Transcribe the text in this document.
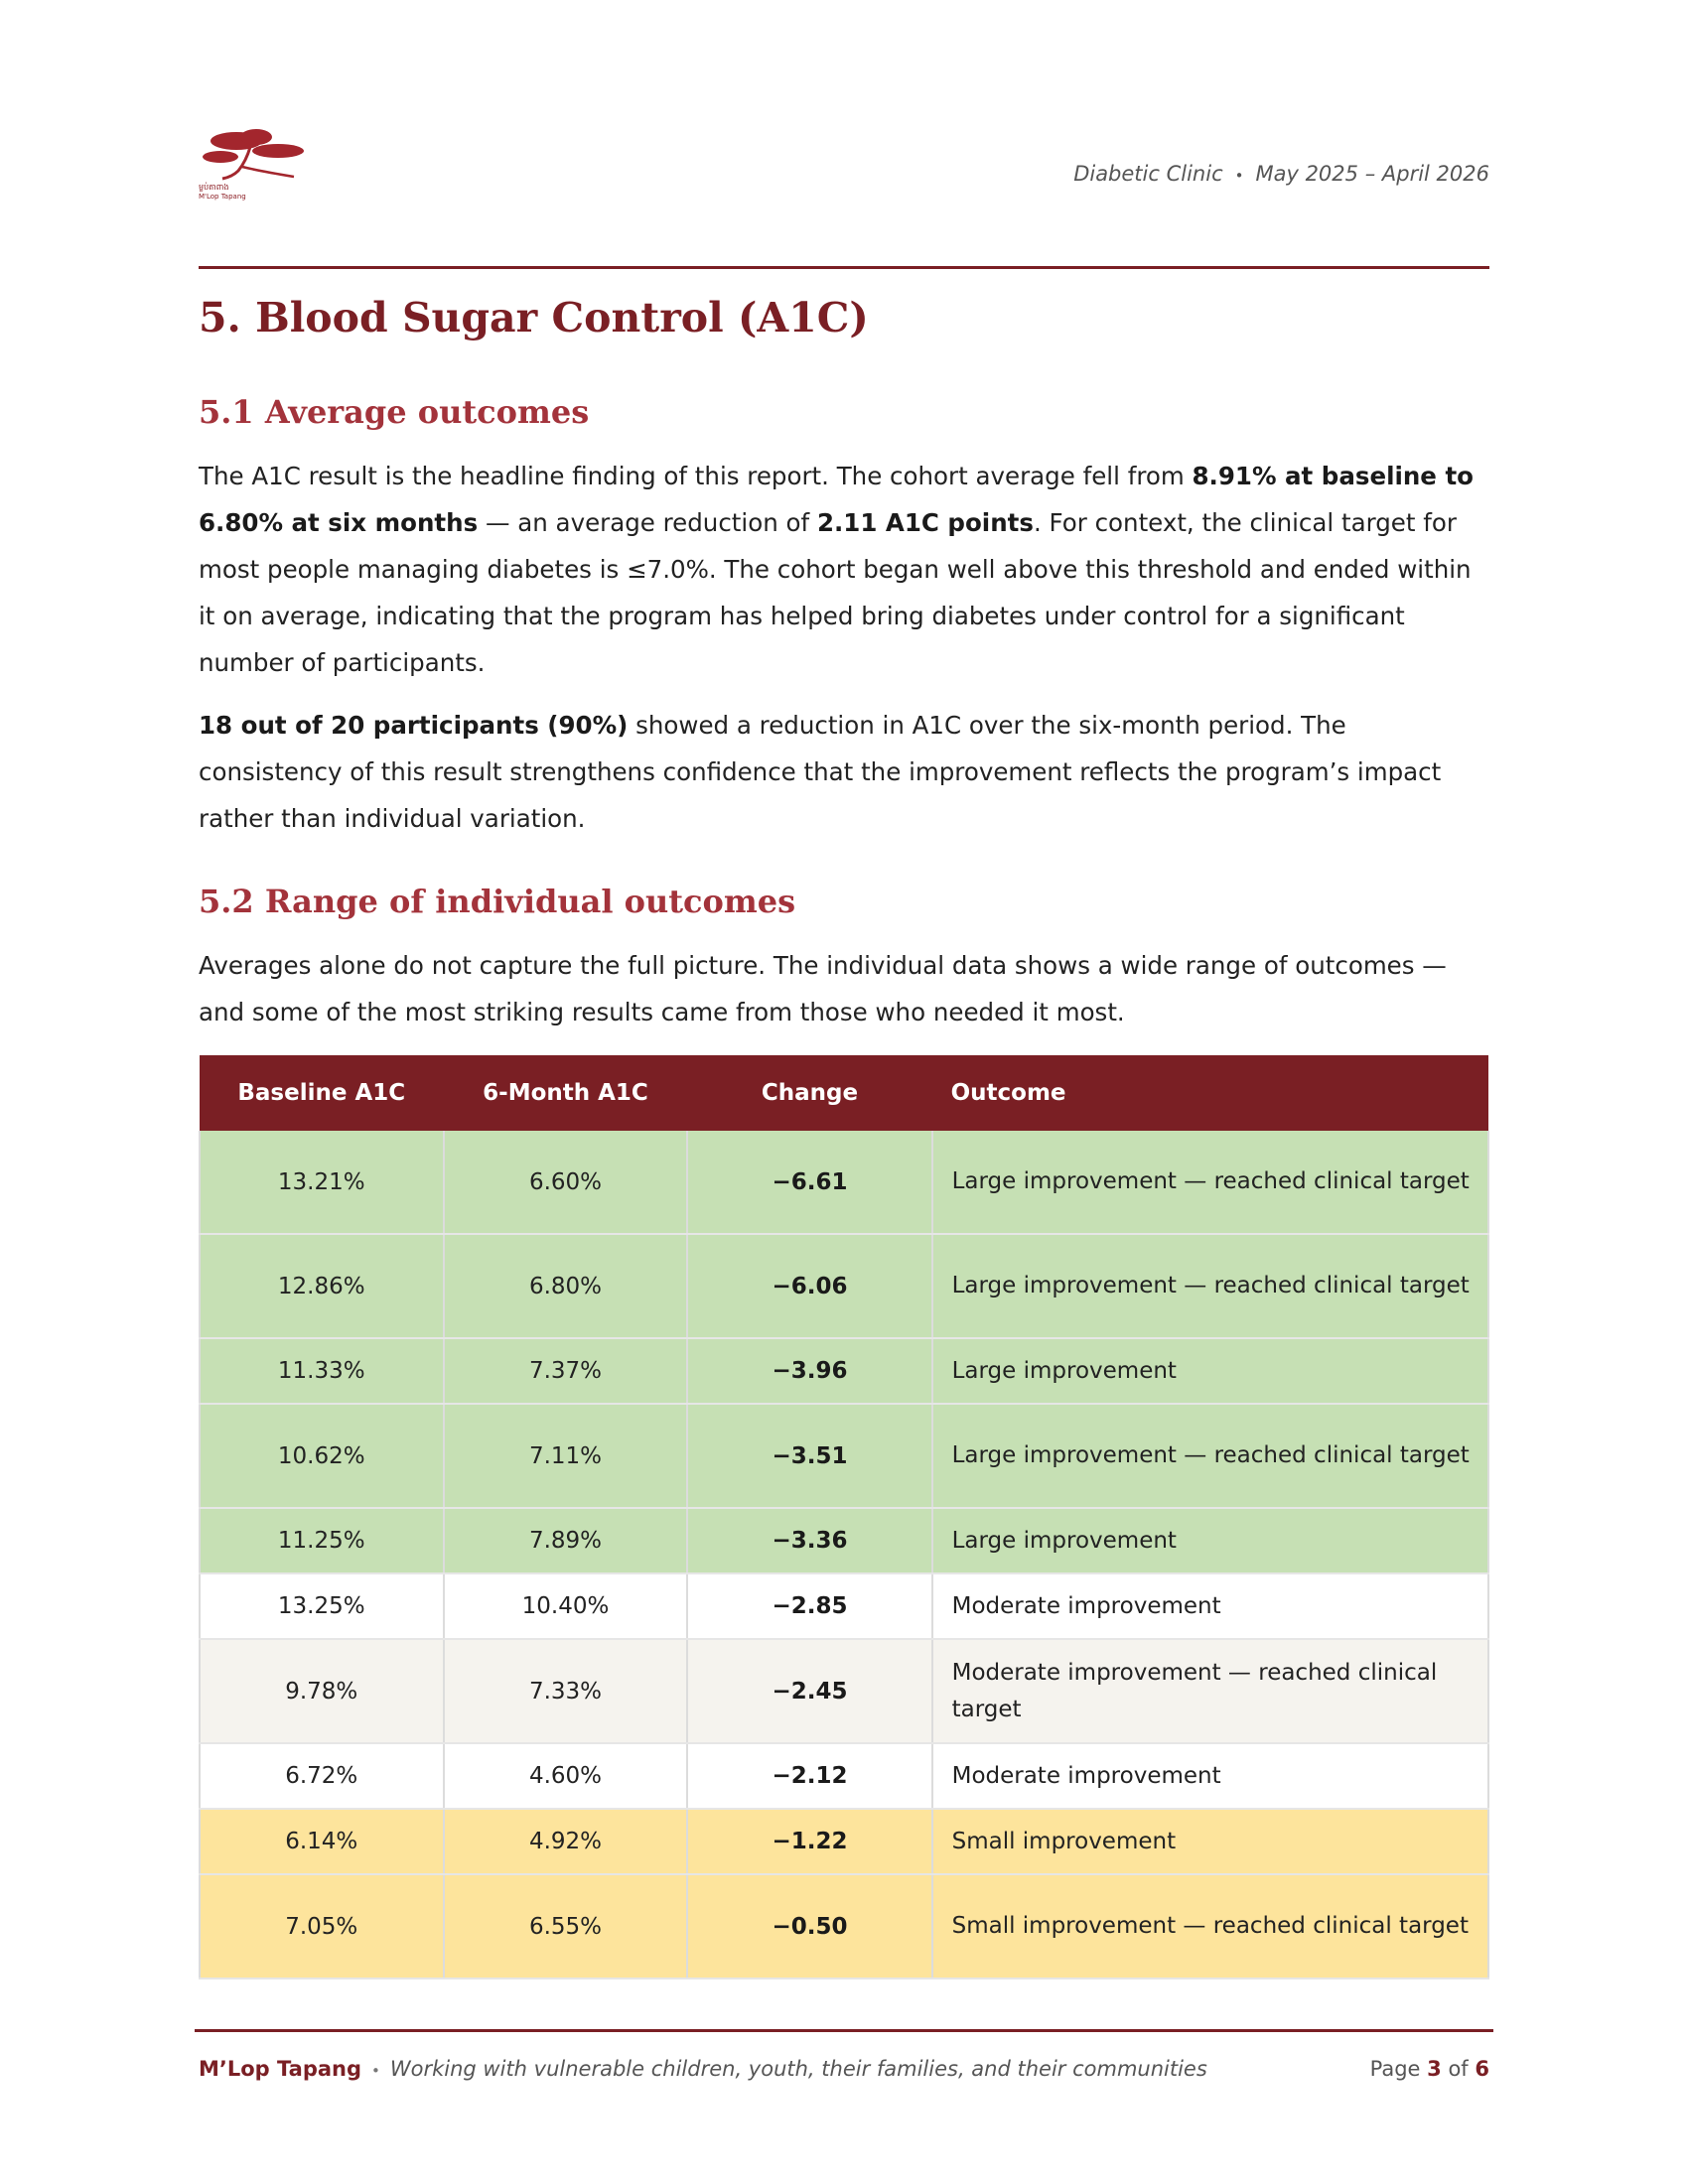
ម្លប់តាពាង
M'Lop Tapang
Diabetic Clinic • May 2025 – April 2026
5. Blood Sugar Control (A1C)
5.1 Average outcomes

The A1C result is the headline finding of this report. The cohort average fell from 8.91% at baseline to 6.80% at six months — an average reduction of 2.11 A1C points. For context, the clinical target for most people managing diabetes is ≤7.0%. The cohort began well above this threshold and ended within it on average, indicating that the program has helped bring diabetes under control for a significant number of participants.

18 out of 20 participants (90%) showed a reduction in A1C over the six-month period. The consistency of this result strengthens confidence that the improvement reflects the program’s impact rather than individual variation.

5.2 Range of individual outcomes

Averages alone do not capture the full picture. The individual data shows a wide range of outcomes — and some of the most striking results came from those who needed it most.

Baseline A1C	6-Month A1C	Change	Outcome
13.21%	6.60%	−6.61	Large improvement — reached clinical target
12.86%	6.80%	−6.06	Large improvement — reached clinical target
11.33%	7.37%	−3.96	Large improvement
10.62%	7.11%	−3.51	Large improvement — reached clinical target
11.25%	7.89%	−3.36	Large improvement
13.25%	10.40%	−2.85	Moderate improvement
9.78%	7.33%	−2.45	Moderate improvement — reached clinical target
6.72%	4.60%	−2.12	Moderate improvement
6.14%	4.92%	−1.22	Small improvement
7.05%	6.55%	−0.50	Small improvement — reached clinical target
M’Lop Tapang • Working with vulnerable children, youth, their families, and their communities	Page 3 of 6
